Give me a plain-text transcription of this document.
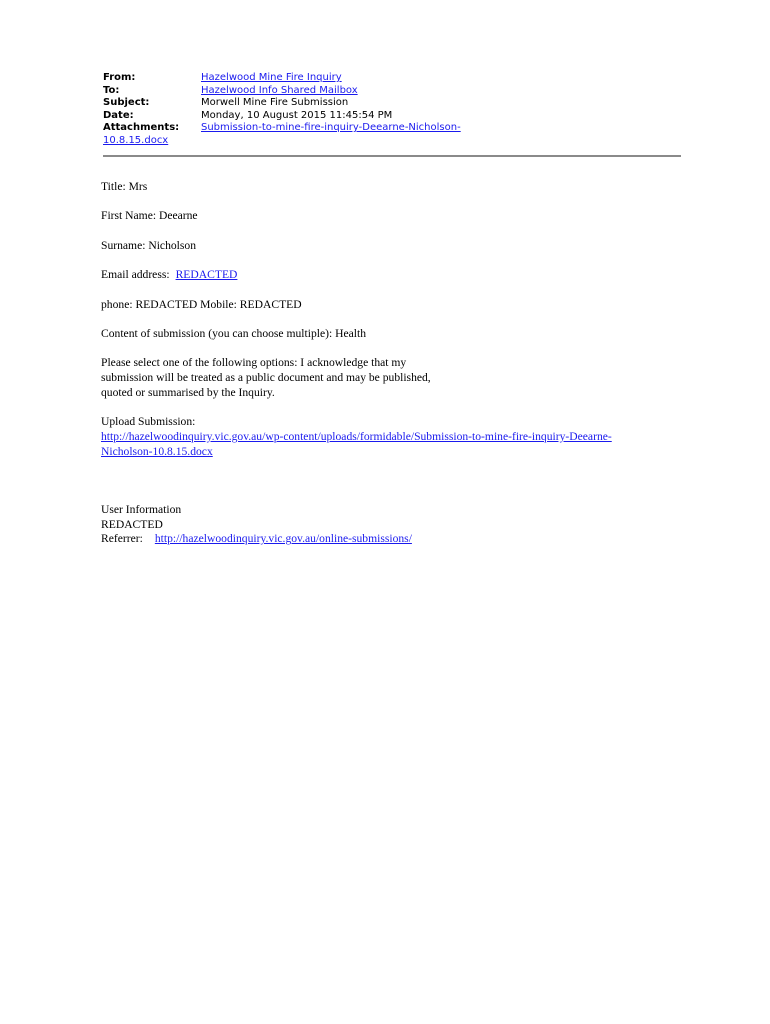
From:	Hazelwood Mine Fire Inquiry
To:	Hazelwood Info Shared Mailbox
Subject:	Morwell Mine Fire Submission
Date:	Monday, 10 August 2015 11:45:54 PM
Attachments:	Submission-to-mine-fire-inquiry-Deearne-Nicholson-
10.8.15.docx

Title: Mrs

First Name: Deearne

Surname: Nicholson

Email address: REDACTED

phone: REDACTED Mobile: REDACTED

Content of submission (you can choose multiple): Health

Please select one of the following options: I acknowledge that my
submission will be treated as a public document and may be published,
quoted or summarised by the Inquiry.

Upload Submission:
http://hazelwoodinquiry.vic.gov.au/wp-content/uploads/formidable/Submission-to-mine-fire-inquiry-Deearne-
Nicholson-10.8.15.docx

User Information
REDACTED
Referrer: http://hazelwoodinquiry.vic.gov.au/online-submissions/
